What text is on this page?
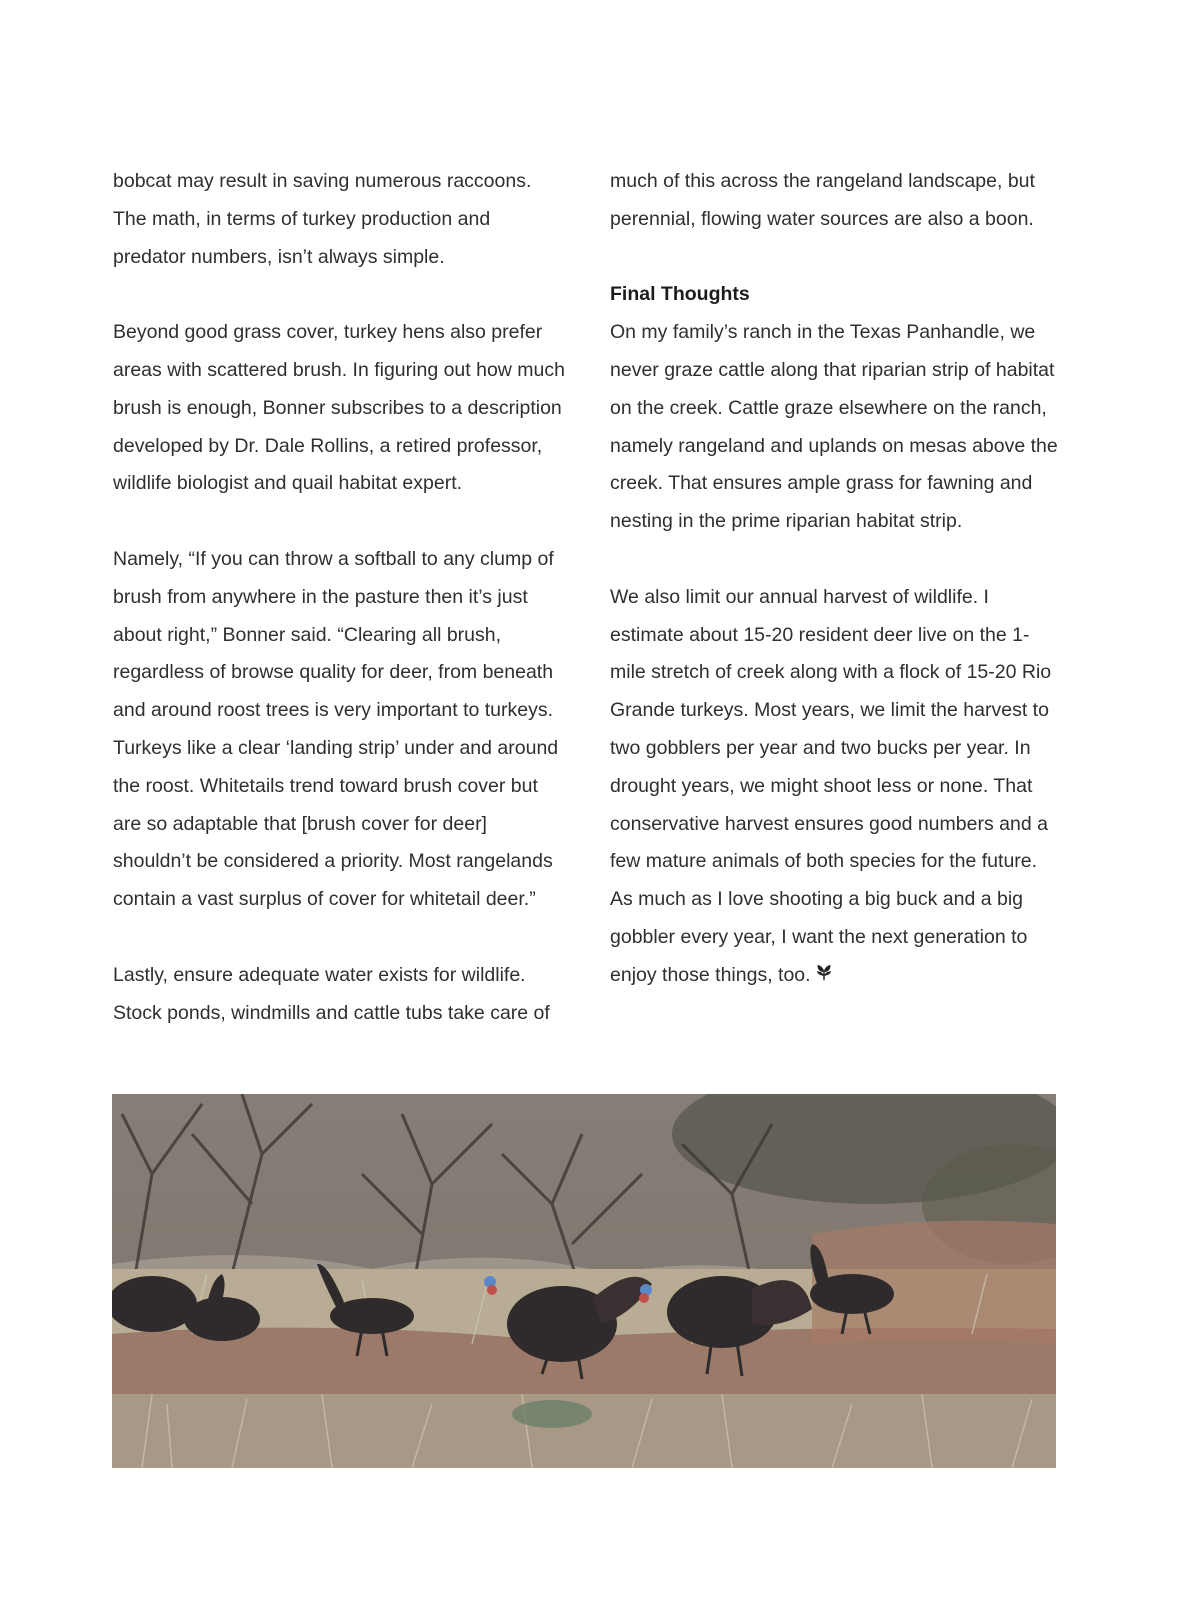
bobcat may result in saving numerous raccoons. The math, in terms of turkey production and predator numbers, isn’t always simple.

Beyond good grass cover, turkey hens also prefer areas with scattered brush. In figuring out how much brush is enough, Bonner subscribes to a description developed by Dr. Dale Rollins, a retired professor, wildlife biologist and quail habitat expert.

Namely, “If you can throw a softball to any clump of brush from anywhere in the pasture then it’s just about right,” Bonner said. “Clearing all brush, regardless of browse quality for deer, from beneath and around roost trees is very important to turkeys. Turkeys like a clear ‘landing strip’ under and around the roost. Whitetails trend toward brush cover but are so adaptable that [brush cover for deer] shouldn’t be considered a priority. Most rangelands contain a vast surplus of cover for whitetail deer.”

Lastly, ensure adequate water exists for wildlife. Stock ponds, windmills and cattle tubs take care of

much of this across the rangeland landscape, but perennial, flowing water sources are also a boon.

Final Thoughts

On my family’s ranch in the Texas Panhandle, we never graze cattle along that riparian strip of habitat on the creek. Cattle graze elsewhere on the ranch, namely rangeland and uplands on mesas above the creek. That ensures ample grass for fawning and nesting in the prime riparian habitat strip.

We also limit our annual harvest of wildlife. I estimate about 15-20 resident deer live on the 1-mile stretch of creek along with a flock of 15-20 Rio Grande turkeys. Most years, we limit the harvest to two gobblers per year and two bucks per year. In drought years, we might shoot less or none. That conservative harvest ensures good numbers and a few mature animals of both species for the future. As much as I love shooting a big buck and a big gobbler every year, I want the next generation to enjoy those things, too.
